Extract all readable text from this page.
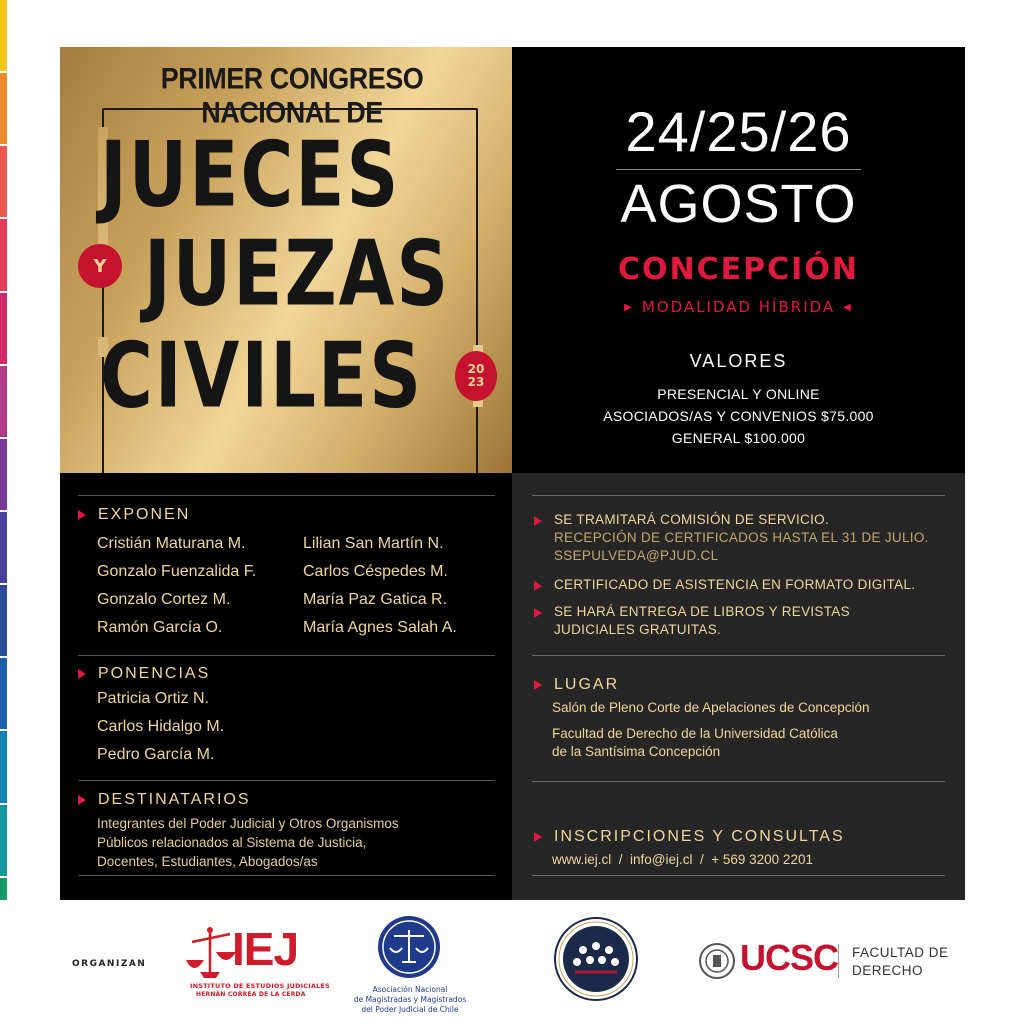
PRIMER CONGRESO NACIONAL DE
JUECES
JUEZAS
CIVILES
Y
20
23
24/25/26
AGOSTO
CONCEPCIÓN
▶ MODALIDAD HÍBRIDA ◀
VALORES
PRESENCIAL Y ONLINE
ASOCIADOS/AS Y CONVENIOS $75.000
GENERAL $100.000
EXPONEN
Cristián Maturana M.
Gonzalo Fuenzalida F.
Gonzalo Cortez M.
Ramón García O.
Lilian San Martín N.
Carlos Céspedes M.
María Paz Gatica R.
María Agnes Salah A.
PONENCIAS
Patricia Ortiz N.
Carlos Hidalgo M.
Pedro García M.
DESTINATARIOS
Integrantes del Poder Judicial y Otros Organismos
Públicos relacionados al Sistema de Justicia,
Docentes, Estudiantes, Abogados/as
SE TRAMITARÁ COMISIÓN DE SERVICIO.
RECEPCIÓN DE CERTIFICADOS HASTA EL 31 DE JULIO.
SSEPULVEDA@PJUD.CL
CERTIFICADO DE ASISTENCIA EN FORMATO DIGITAL.
SE HARÁ ENTREGA DE LIBROS Y REVISTAS
JUDICIALES GRATUITAS.
LUGAR
Salón de Pleno Corte de Apelaciones de Concepción
Facultad de Derecho de la Universidad Católica
de la Santísima Concepción
INSCRIPCIONES Y CONSULTAS
www.iej.cl  /  info@iej.cl  /  + 569 3200 2201
ORGANIZAN IEJ
INSTITUTO DE ESTUDIOS JUDICIALES
HERNÁN CORREA DE LA CERDA
Asociación Nacional
de Magistradas y Magistrados
del Poder Judicial de Chile
UCSC FACULTAD DE
DERECHO
